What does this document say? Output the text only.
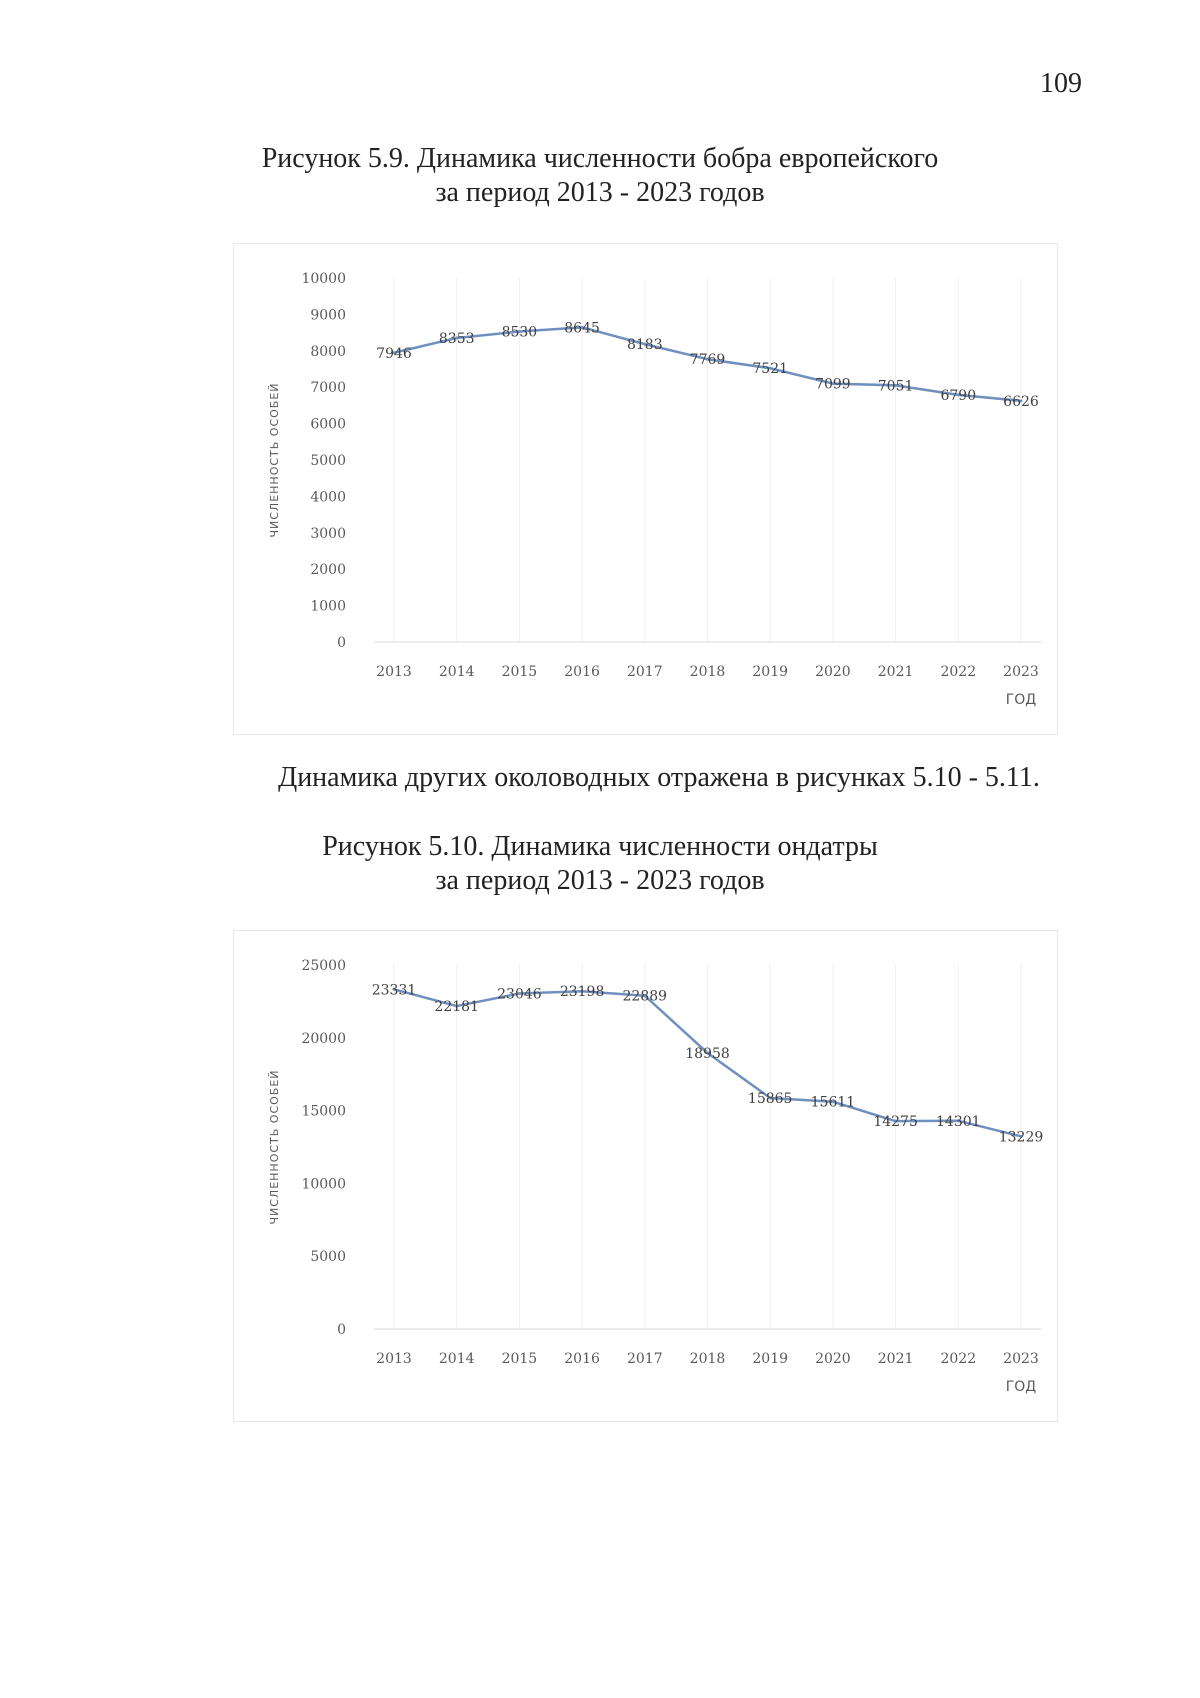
109
Рисунок 5.9. Динамика численности бобра европейского
за период 2013 - 2023 годов
0
1000
2000
3000
4000
5000
6000
7000
8000
9000
10000
2013 2014 2015 2016 2017 2018 2019 2020 2021 2022 2023
ЧИСЛЕННОСТЬ ОСОБЕЙ
ГОД
7946
8353 8530 8645
8183
7769
7521
7099 7051
6790 6626
Динамика других околоводных отражена в рисунках 5.10 - 5.11.
Рисунок 5.10. Динамика численности ондатры
за период 2013 - 2023 годов
0
5000
10000
15000
20000
25000
2013 2014 2015 2016 2017 2018 2019 2020 2021 2022 2023
ЧИСЛЕННОСТЬ ОСОБЕЙ
ГОД
23331
22181
23046 23198 22889
18958
15865 15611
14275 14301
13229
